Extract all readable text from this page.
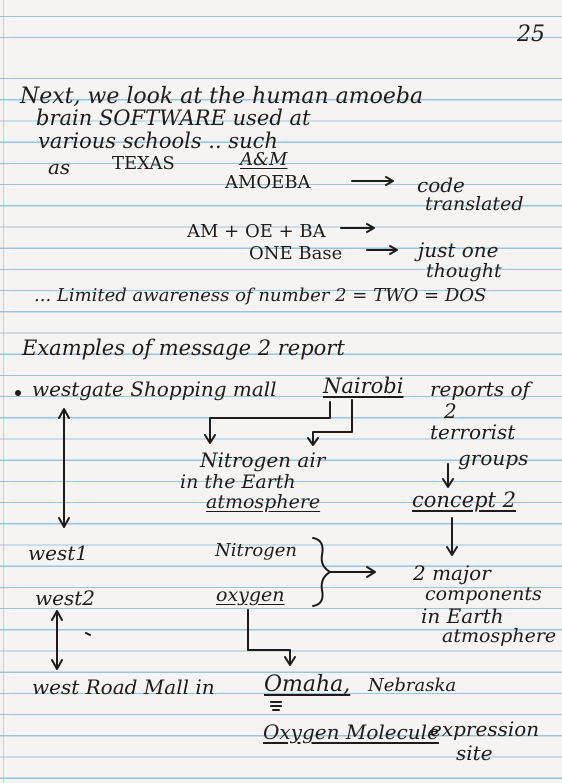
25
Next, we look at the human amoeba
brain SOFTWARE used at
various schools .. such
as TEXAS	A&M
AMOEBA	code
translated
AM + OE + BA
ONE Base	just one
thought
... Limited awareness of number 2 = TWO = DOS
Examples of message 2 report
westgate Shopping mall Nairobi reports of
2
terrorist
Nitrogen air	groups
in the Earth
atmosphere	concept 2
west1	Nitrogen
2 major
west2	oxygen	components
in Earth
atmosphere
west Road Mall in Omaha, Nebraska
Oxygen Molecule
expression
site
